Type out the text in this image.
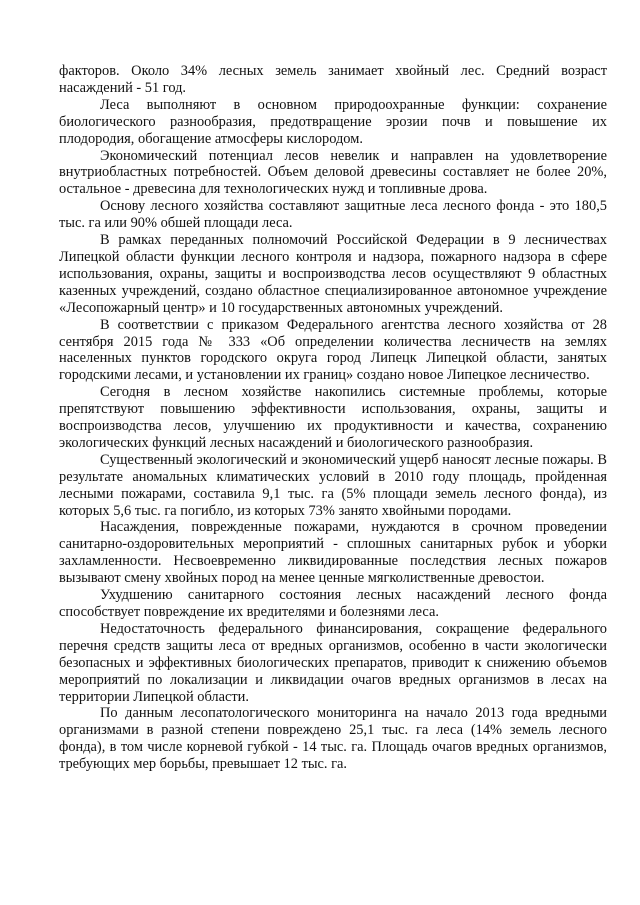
факторов. Около 34% лесных земель занимает хвойный лес. Средний возраст насаждений - 51 год.

Леса выполняют в основном природоохранные функции: сохранение биологического разнообразия, предотвращение эрозии почв и повышение их плодородия, обогащение атмосферы кислородом.

Экономический потенциал лесов невелик и направлен на удовлетворение внутриобластных потребностей. Объем деловой древесины составляет не более 20%, остальное - древесина для технологических нужд и топливные дрова.

Основу лесного хозяйства составляют защитные леса лесного фонда - это 180,5 тыс. га или 90% обшей площади леса.

В рамках переданных полномочий Российской Федерации в 9 лесничествах Липецкой области функции лесного контроля и надзора, пожарного надзора в сфере использования, охраны, защиты и воспроизводства лесов осуществляют 9 областных казенных учреждений, создано областное специализированное автономное учреждение «Лесопожарный центр» и 10 государственных автономных учреждений.

В соответствии с приказом Федерального агентства лесного хозяйства от 28 сентября 2015 года № 333 «Об определении количества лесничеств на землях населенных пунктов городского округа город Липецк Липецкой области, занятых городскими лесами, и установлении их границ» создано новое Липецкое лесничество.

Сегодня в лесном хозяйстве накопились системные проблемы, которые препятствуют повышению эффективности использования, охраны, защиты и воспроизводства лесов, улучшению их продуктивности и качества, сохранению экологических функций лесных насаждений и биологического разнообразия.

Существенный экологический и экономический ущерб наносят лесные пожары. В результате аномальных климатических условий в 2010 году площадь, пройденная лесными пожарами, составила 9,1 тыс. га (5% площади земель лесного фонда), из которых 5,6 тыс. га погибло, из которых 73% занято хвойными породами.

Насаждения, поврежденные пожарами, нуждаются в срочном проведении санитарно-оздоровительных мероприятий - сплошных санитарных рубок и уборки захламленности. Несвоевременно ликвидированные последствия лесных пожаров вызывают смену хвойных пород на менее ценные мягколиственные древостои.

Ухудшению санитарного состояния лесных насаждений лесного фонда способствует повреждение их вредителями и болезнями леса.

Недостаточность федерального финансирования, сокращение федерального перечня средств защиты леса от вредных организмов, особенно в части экологически безопасных и эффективных биологических препаратов, приводит к снижению объемов мероприятий по локализации и ликвидации очагов вредных организмов в лесах на территории Липецкой области.

По данным лесопатологического мониторинга на начало 2013 года вредными организмами в разной степени повреждено 25,1 тыс. га леса (14% земель лесного фонда), в том числе корневой губкой - 14 тыс. га. Площадь очагов вредных организмов, требующих мер борьбы, превышает 12 тыс. га.
